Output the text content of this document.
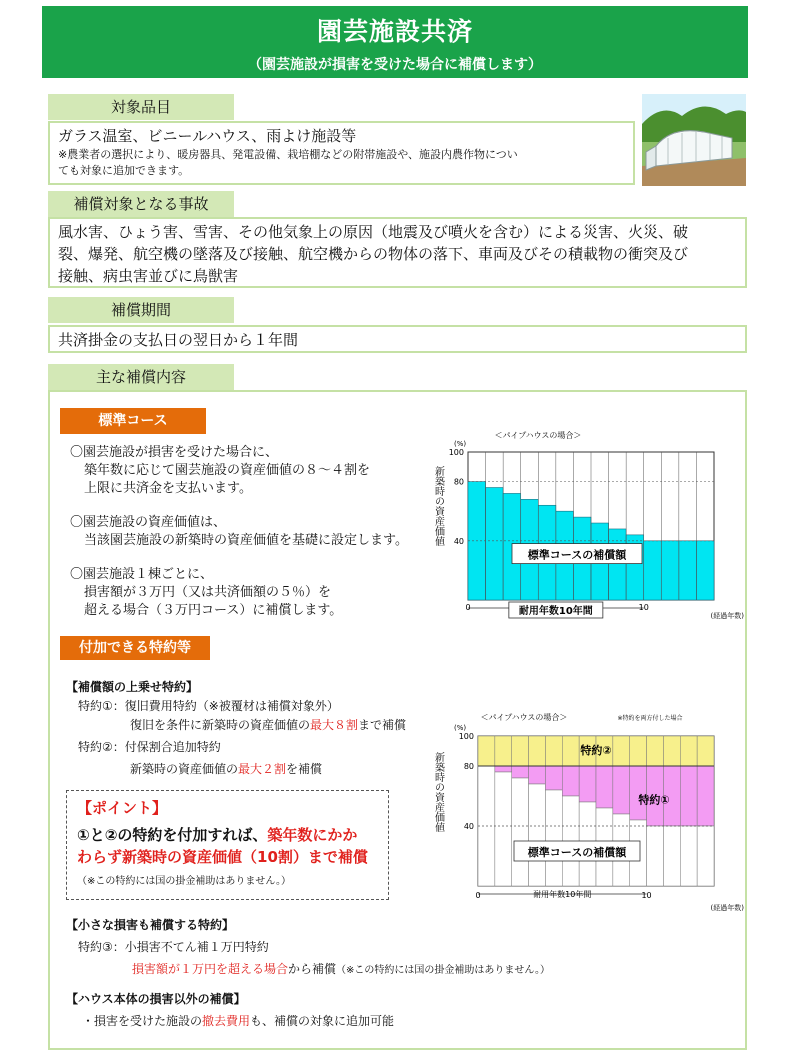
園芸施設共済
（園芸施設が損害を受けた場合に補償します）
対象品目
ガラス温室、ビニールハウス、雨よけ施設等
※農業者の選択により、暖房器具、発電設備、栽培棚などの附帯施設や、施設内農作物につい
ても対象に追加できます。
補償対象となる事故
風水害、ひょう害、雪害、その他気象上の原因（地震及び噴火を含む）による災害、火災、破
裂、爆発、航空機の墜落及び接触、航空機からの物体の落下、車両及びその積載物の衝突及び
接触、病虫害並びに鳥獣害
補償期間
共済掛金の支払日の翌日から１年間
主な補償内容
標準コース
〇園芸施設が損害を受けた場合に、
築年数に応じて園芸施設の資産価値の８～４割を
上限に共済金を支払います。
〇園芸施設の資産価値は、
当該園芸施設の新築時の資産価値を基礎に設定します。
〇園芸施設１棟ごとに、
損害額が３万円（又は共済価額の５％）を
超える場合（３万円コース）に補償します。
標準コースの補償額
耐用年数10年間
＜パイプハウスの場合＞
(%)
新築時の資産価値 40
80
100
0	10
(経過年数)
付加できる特約等
【補償額の上乗せ特約】
特約①：復旧費用特約（※被覆材は補償対象外）
復旧を条件に新築時の資産価値の最大８割まで補償
特約②：付保割合追加特約
新築時の資産価値の最大２割を補償
【ポイント】
①と②の特約を付加すれば、築年数にかか
わらず新築時の資産価値（10割）まで補償
（※この特約には国の掛金補助はありません。）
特約②
特約①
標準コースの補償額
耐用年数10年間
＜パイプハウスの場合＞	※特約を両方付した場合
(%)
新築時の資産価値	40
80
100
0	10
(経過年数)
【小さな損害も補償する特約】
特約③：小損害不てん補１万円特約
損害額が１万円を超える場合から補償（※この特約には国の掛金補助はありません。）
【ハウス本体の損害以外の補償】
・損害を受けた施設の撤去費用も、補償の対象に追加可能
